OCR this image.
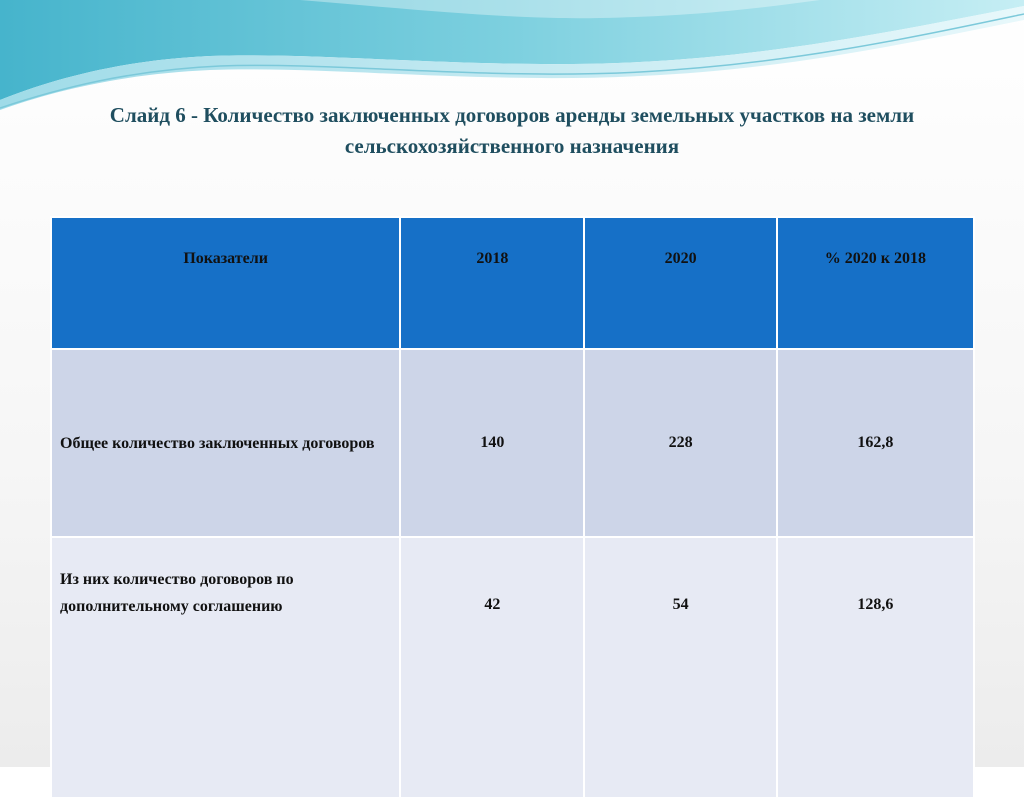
Слайд 6 - Количество заключенных договоров аренды земельных участков на земли сельскохозяйственного назначения
Показатели	2018	2020	% 2020 к 2018
Общее количество заключенных договоров	140	228	162,8
Из них количество договоров по дополнительному соглашению	42	54	128,6
